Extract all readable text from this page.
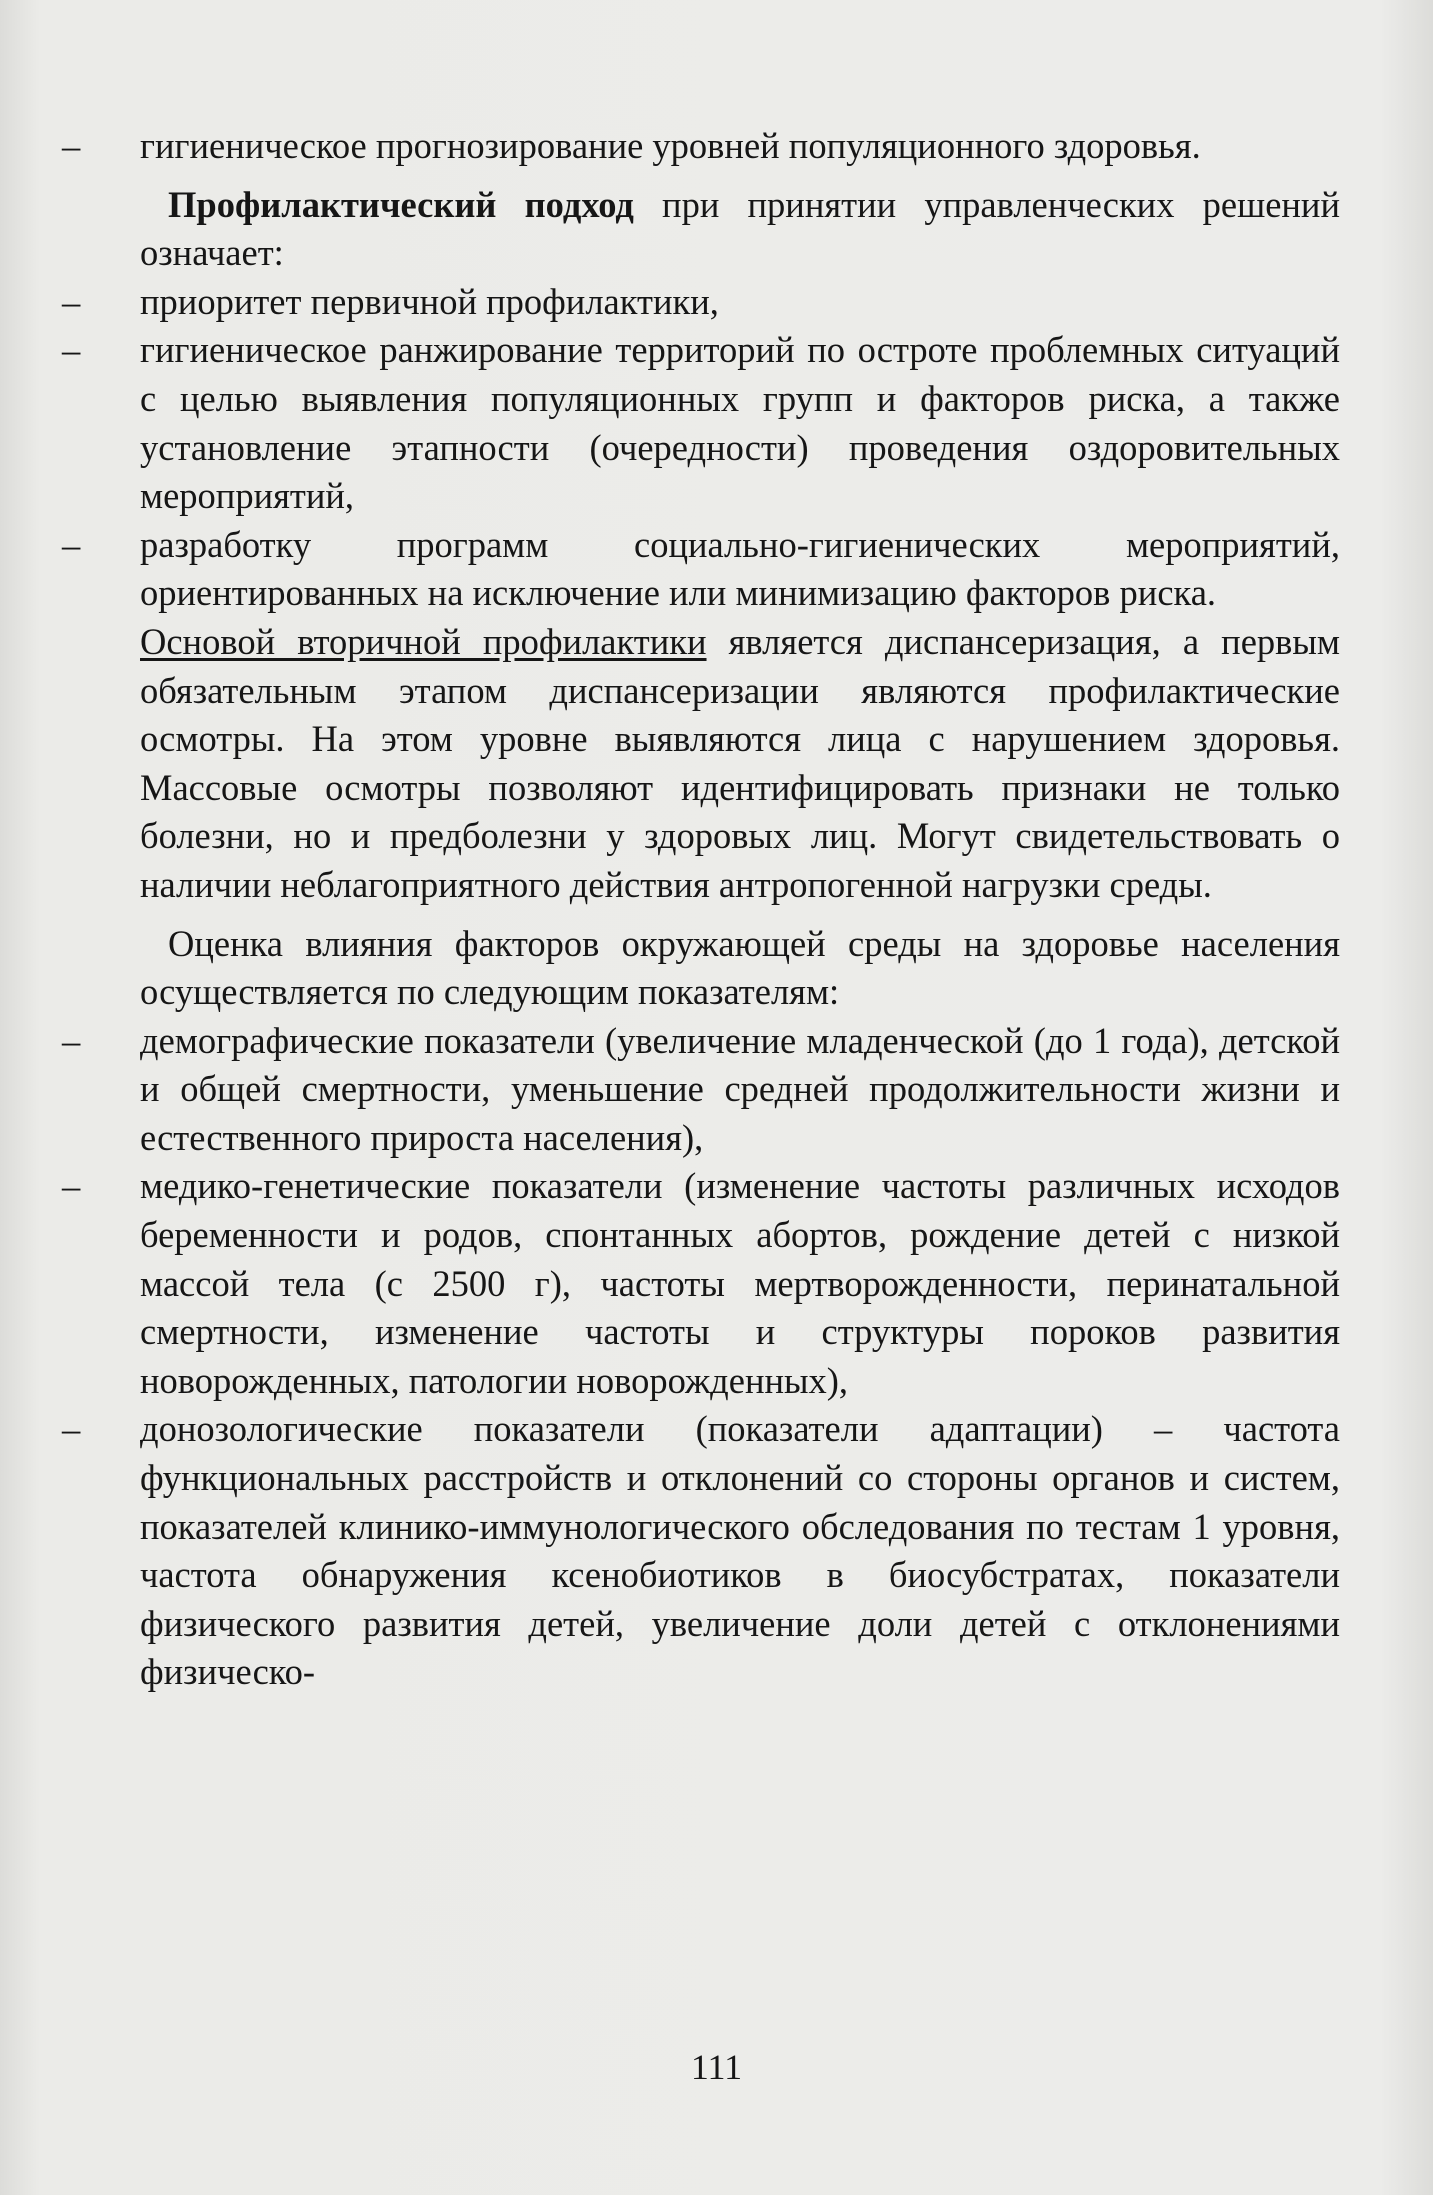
– гигиеническое прогнозирование уровней популяционного здоровья.

Профилактический подход при принятии управленческих решений означает:

– приоритет первичной профилактики,

– гигиеническое ранжирование территорий по остроте проблемных ситуаций с целью выявления популяционных групп и факторов риска, а также установление этапности (очередности) проведения оздоровительных мероприятий,

– разработку программ социально-гигиенических мероприятий, ориентированных на исключение или минимизацию факторов риска.

Основой вторичной профилактики является диспансеризация, а первым обязательным этапом диспансеризации являются профилактические осмотры. На этом уровне выявляются лица с нарушением здоровья. Массовые осмотры позволяют идентифицировать признаки не только болезни, но и предболезни у здоровых лиц. Могут свидетельствовать о наличии неблагоприятного действия антропогенной нагрузки среды.

Оценка влияния факторов окружающей среды на здоровье населения осуществляется по следующим показателям:

– демографические показатели (увеличение младенческой (до 1 года), детской и общей смертности, уменьшение средней продолжительности жизни и естественного прироста населения),

– медико-генетические показатели (изменение частоты различных исходов беременности и родов, спонтанных абортов, рождение детей с низкой массой тела (с 2500 г), частоты мертворожденности, перинатальной смертности, изменение частоты и структуры пороков развития новорожденных, патологии новорожденных),

– донозологические показатели (показатели адаптации) – частота функциональных расстройств и отклонений со стороны органов и систем, показателей клинико-иммунологического обследования по тестам 1 уровня, частота обнаружения ксенобиотиков в биосубстратах, показатели физического развития детей, увеличение доли детей с отклонениями физическо-

111
